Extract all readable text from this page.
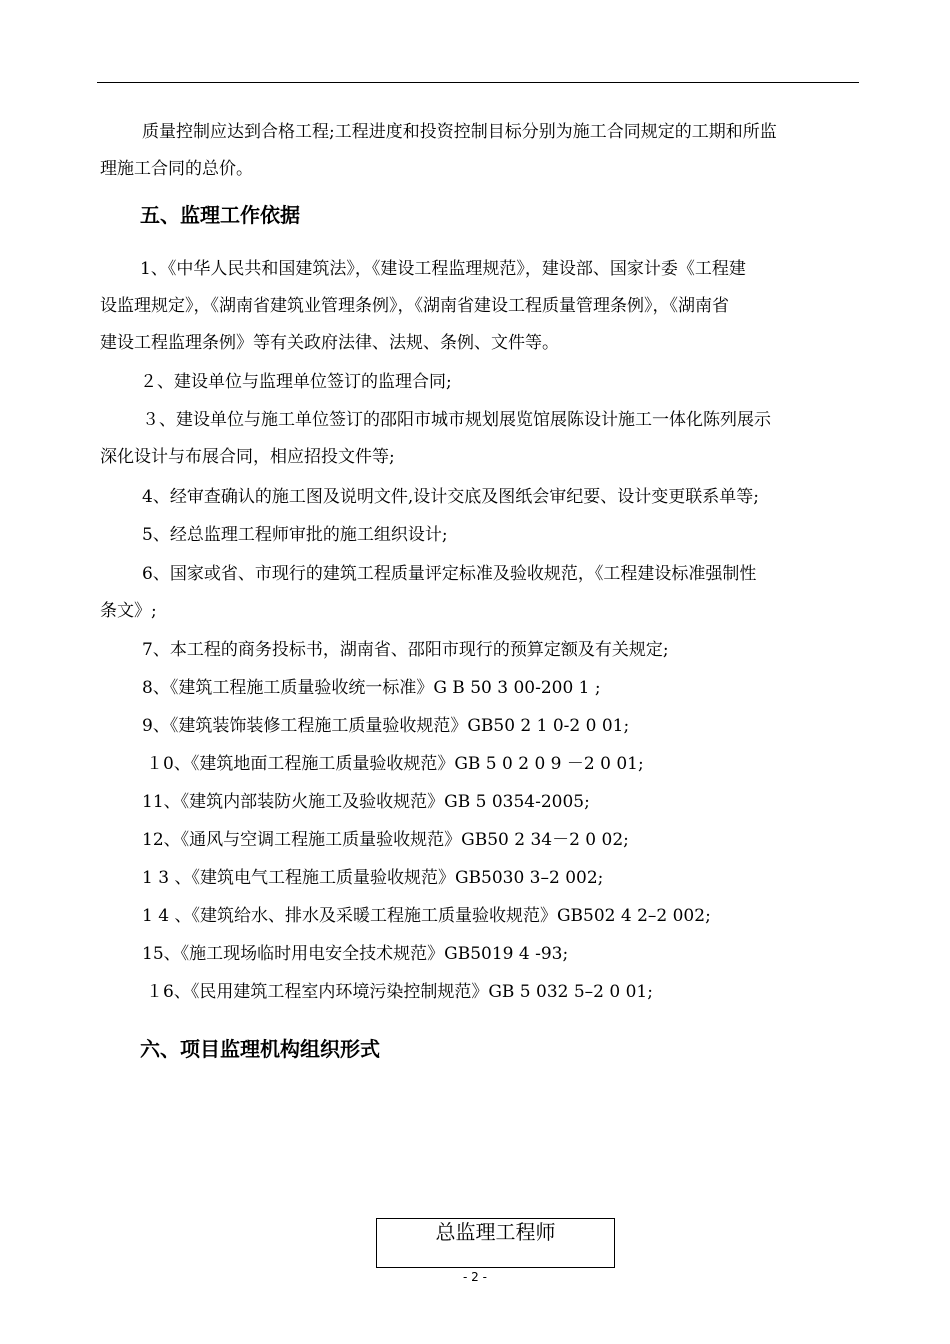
质量控制应达到合格工程;工程进度和投资控制目标分别为施工合同规定的工期和所监

理施工合同的总价。

五、监理工作依据

1、《中华人民共和国建筑法》，《建设工程监理规范》，建设部、国家计委《工程建

设监理规定》，《湖南省建筑业管理条例》，《湖南省建设工程质量管理条例》，《湖南省

建设工程监理条例》等有关政府法律、法规、条例、文件等。

２、建设单位与监理单位签订的监理合同;

３、建设单位与施工单位签订的邵阳市城市规划展览馆展陈设计施工一体化陈列展示

深化设计与布展合同，相应招投文件等;

4、经审查确认的施工图及说明文件,设计交底及图纸会审纪要、设计变更联系单等;

5、经总监理工程师审批的施工组织设计;

6、国家或省、市现行的建筑工程质量评定标准及验收规范，《工程建设标准强制性

条文》;

7、本工程的商务投标书，湖南省、邵阳市现行的预算定额及有关规定;

8、《建筑工程施工质量验收统一标准》G B 50 3 00-200 1 ;

9、《建筑装饰装修工程施工质量验收规范》GB50 2 1 0-2 0 01;

１0、《建筑地面工程施工质量验收规范》GB 5 0 2 0 9 －2 0 01;

11、《建筑内部装防火施工及验收规范》GB 5 0354-2005;

12、《通风与空调工程施工质量验收规范》GB50 2 34－2 0 02;

1 3 、《建筑电气工程施工质量验收规范》GB5030 3–2 002;

1 4 、《建筑给水、排水及采暖工程施工质量验收规范》GB502 4 2–2 002;

15、《施工现场临时用电安全技术规范》GB5019 4 -93;

１6、《民用建筑工程室内环境污染控制规范》GB 5 032 5–2 0 01;

六、项目监理机构组织形式
总监理工程师
- 2 -
